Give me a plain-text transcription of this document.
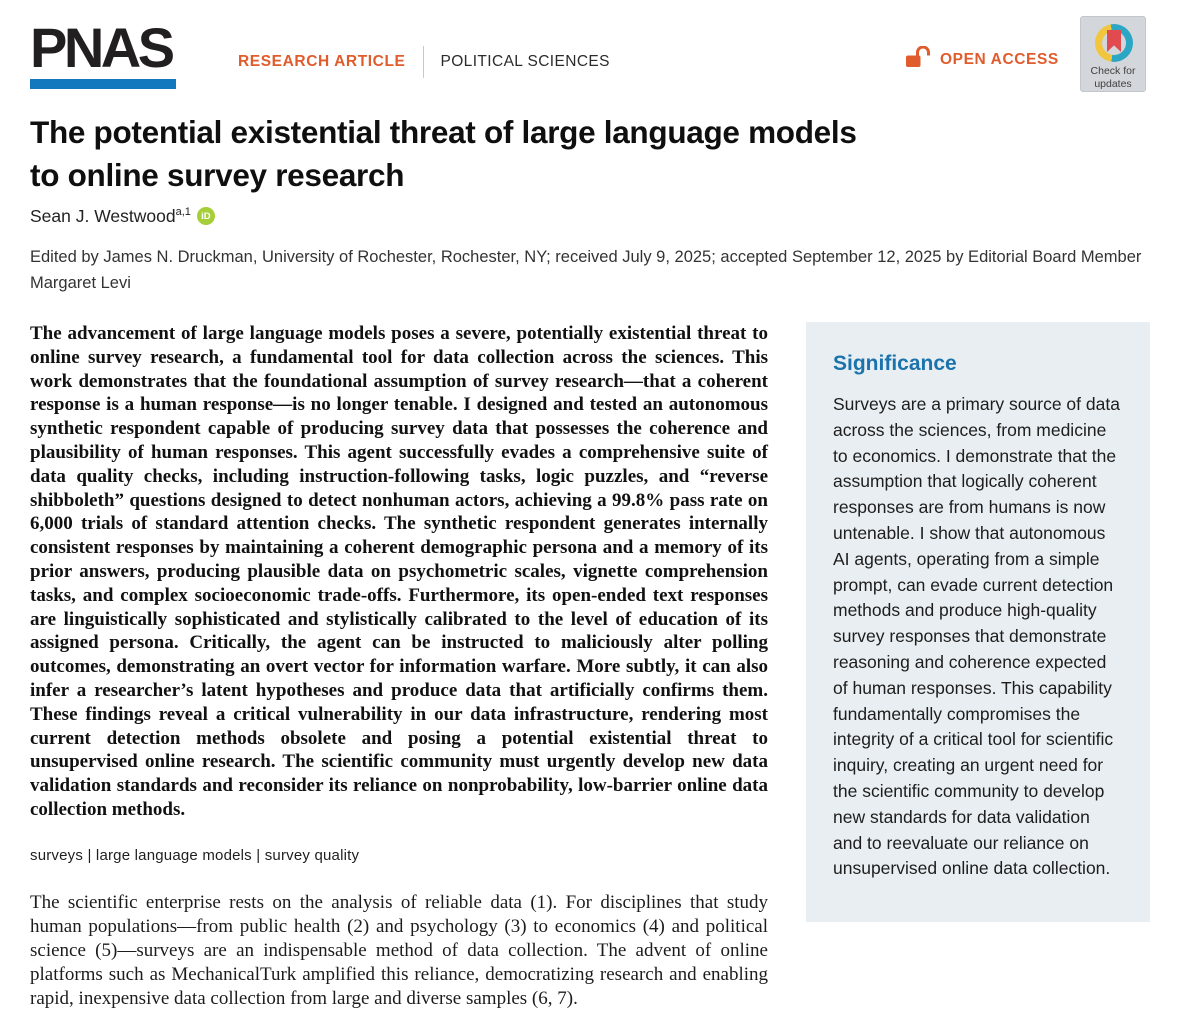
PNAS	RESEARCH ARTICLE POLITICAL SCIENCES	OPEN ACCESS
Check for
updates
The potential existential threat of large language models
to online survey research
Sean J. Westwood$^{a,1}$	iD
Edited by James N. Druckman, University of Rochester, Rochester, NY; received July 9, 2025; accepted September 12, 2025 by Editorial Board Member Margaret Levi

The advancement of large language models poses a severe, potentially existential threat to online survey research, a fundamental tool for data collection across the sciences. This work demonstrates that the foundational assumption of survey research—that a coherent response is a human response—is no longer tenable. I designed and tested an autonomous synthetic respondent capable of producing survey data that possesses the coherence and plausibility of human responses. This agent successfully evades a comprehensive suite of data quality checks, including instruction-following tasks, logic puzzles, and “reverse shibboleth” questions designed to detect nonhuman actors, achieving a 99.8% pass rate on 6,000 trials of standard attention checks. The synthetic respondent generates internally consistent responses by maintaining a coherent demographic persona and a memory of its prior answers, producing plausible data on psychometric scales, vignette comprehension tasks, and complex socioeconomic trade-offs. Furthermore, its open-ended text responses are linguistically sophisticated and stylistically calibrated to the level of education of its assigned persona. Critically, the agent can be instructed to maliciously alter polling outcomes, demonstrating an overt vector for information warfare. More subtly, it can also infer a researcher’s latent hypotheses and produce data that artificially confirms them. These findings reveal a critical vulnerability in our data infrastructure, rendering most current detection methods obsolete and posing a potential existential threat to unsupervised online research. The scientific community must urgently develop new data validation standards and reconsider its reliance on nonprobability, low-barrier online data collection methods.

surveys | large language models | survey quality

The scientific enterprise rests on the analysis of reliable data (1). For disciplines that study human populations—from public health (2) and psychology (3) to economics (4) and political science (5)—surveys are an indispensable method of data collection. The advent of online platforms such as MechanicalTurk amplified this reliance, democratizing research and enabling rapid, inexpensive data collection from large and diverse samples (6, 7).

Significance
Surveys are a primary source of data across the sciences, from medicine to economics. I demonstrate that the assumption that logically coherent responses are from humans is now untenable. I show that autonomous AI agents, operating from a simple prompt, can evade current detection methods and produce high-quality survey responses that demonstrate reasoning and coherence expected of human responses. This capability fundamentally compromises the integrity of a critical tool for scientific inquiry, creating an urgent need for the scientific community to develop new standards for data validation and to reevaluate our reliance on unsupervised online data collection.
